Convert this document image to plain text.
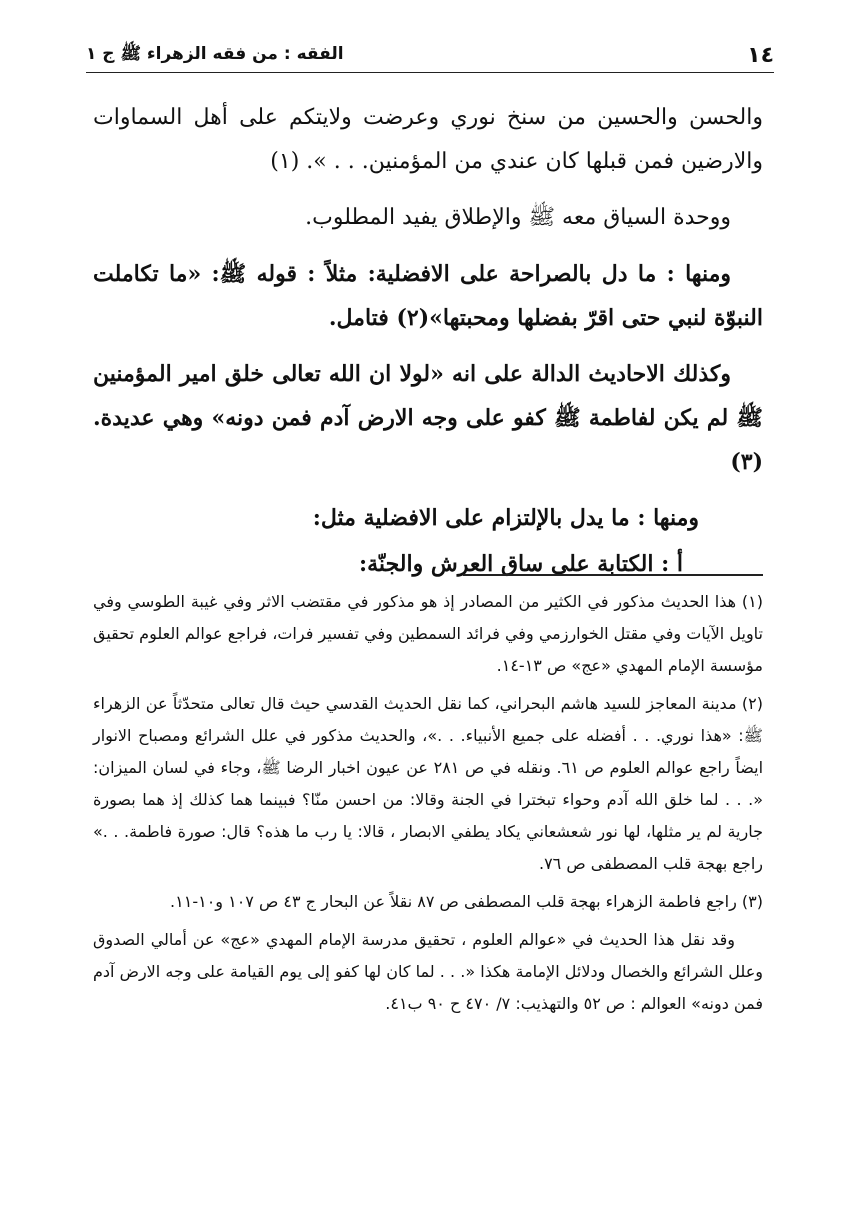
١٤
الفقه : من فقه الزهراء ﷺ ج ١

والحسن والحسين من سنخ نوري وعرضت ولايتكم على أهل السماوات والارضين فمن قبلها كان عندي من المؤمنين. . . ». (١)

ووحدة السياق معه ﷺ والإطلاق يفيد المطلوب.

ومنها : ما دل بالصراحة على الافضلية: مثلاً : قوله ﷺ: «ما تكاملت النبوّة لنبي حتى اقرّ بفضلها ومحبتها»(٢) فتامل.

وكذلك الاحاديث الدالة على انه «لولا ان الله تعالى خلق امير المؤمنين ﷺ لم يكن لفاطمة ﷺ كفو على وجه الارض آدم فمن دونه» وهي عديدة. (٣)

ومنها : ما يدل بالإلتزام على الافضلية مثل:

أ : الكتابة على ساق العرش والجنّة:

(١) هذا الحديث مذكور في الكثير من المصادر إذ هو مذكور في مقتضب الاثر وفي غيبة الطوسي وفي تاويل الآيات وفي مقتل الخوارزمي وفي فرائد السمطين وفي تفسير فرات، فراجع عوالم العلوم تحقيق مؤسسة الإمام المهدي «عج» ص ١٣-١٤.

(٢) مدينة المعاجز للسيد هاشم البحراني، كما نقل الحديث القدسي حيث قال تعالى متحدّثاً عن الزهراء ﷺ: «هذا نوري. . . أفضله على جميع الأنبياء. . .»، والحديث مذكور في علل الشرائع ومصباح الانوار ايضاً راجع عوالم العلوم ص ٦١. ونقله في ص ٢٨١ عن عيون اخبار الرضا ﷺ، وجاء في لسان الميزان: «. . . لما خلق الله آدم وحواء تبخترا في الجنة وقالا: من احسن منّا؟ فبينما هما كذلك إذ هما بصورة جارية لم ير مثلها، لها نور شعشعاني يكاد يطفي الابصار ، قالا: يا رب ما هذه؟ قال: صورة فاطمة. . .» راجع بهجة قلب المصطفى ص ٧٦.

(٣) راجع فاطمة الزهراء بهجة قلب المصطفى ص ٨٧ نقلاً عن البحار ج ٤٣ ص ١٠٧ و١٠-١١.

وقد نقل هذا الحديث في «عوالم العلوم ، تحقيق مدرسة الإمام المهدي «عج» عن أمالي الصدوق وعلل الشرائع والخصال ودلائل الإمامة هكذا «. . . لما كان لها كفو إلى يوم القيامة على وجه الارض آدم فمن دونه» العوالم : ص ٥٢ والتهذيب: ٧/ ٤٧٠ ح ٩٠ ب٤١.
